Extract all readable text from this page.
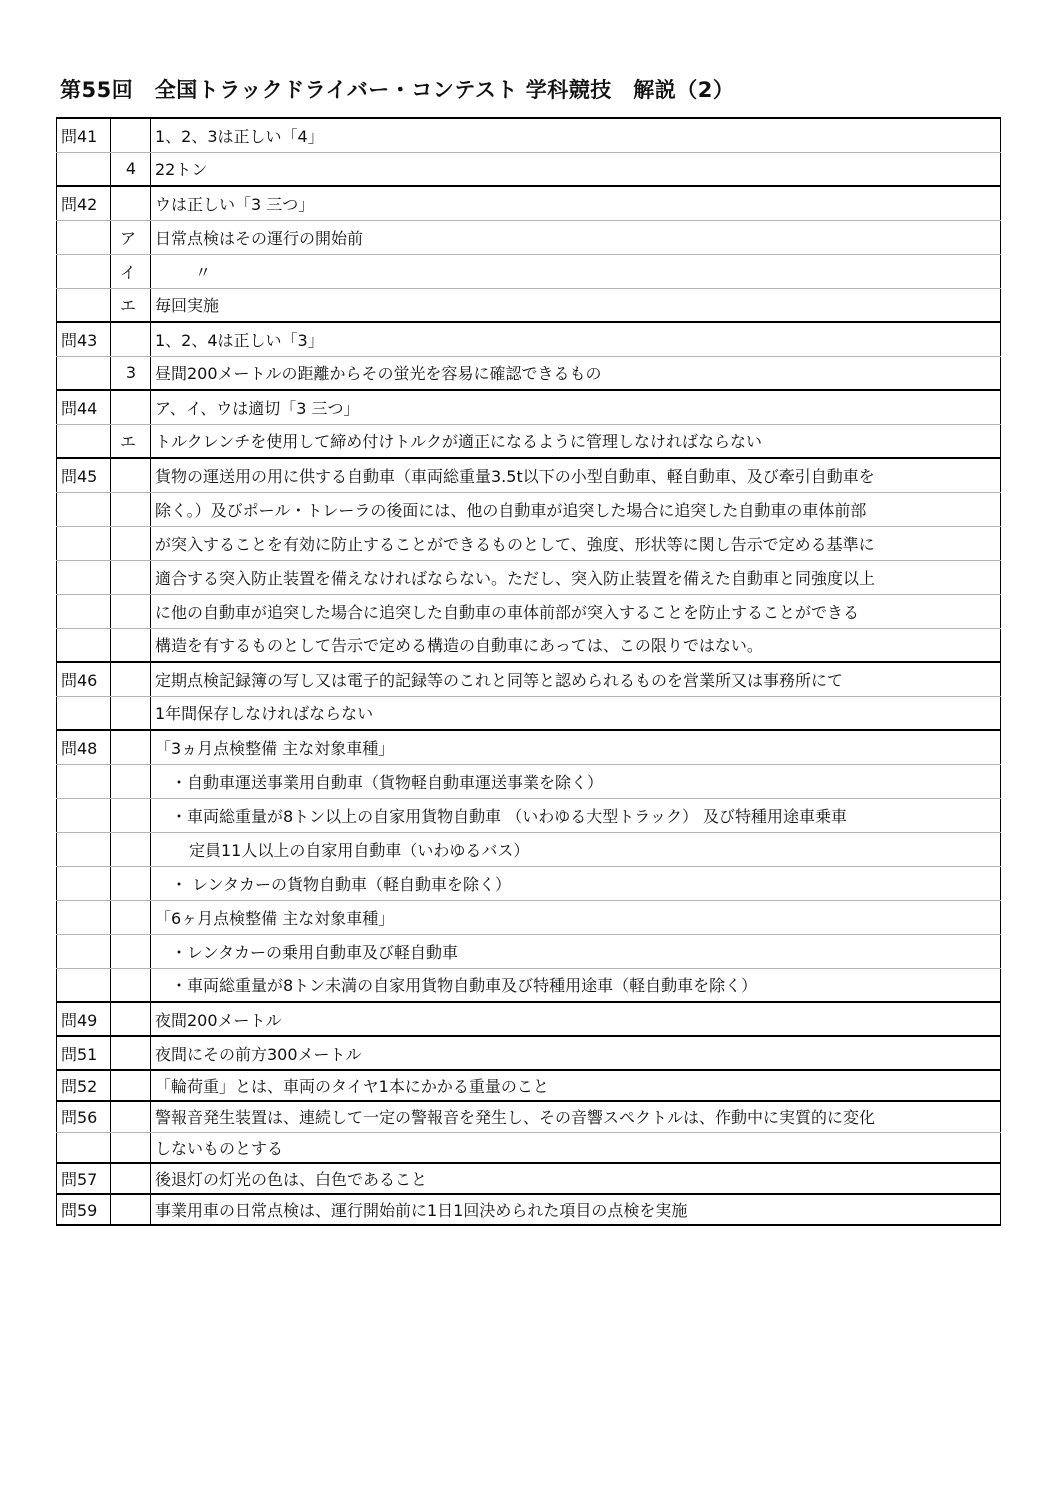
第55回　全国トラックドライバー・コンテスト 学科競技　解説（2）
問41		1、2、3は正しい「4」
	4	22トン
問42		ウは正しい「3 三つ」
	ア	日常点検はその運行の開始前
	イ	〃
	エ	毎回実施
問43		1、2、4は正しい「3」
	3	昼間200メートルの距離からその蛍光を容易に確認できるもの
問44		ア、イ、ウは適切「3 三つ」
	エ	トルクレンチを使用して締め付けトルクが適正になるように管理しなければならない
問45		貨物の運送用の用に供する自動車（車両総重量3.5t以下の小型自動車、軽自動車、及び牽引自動車を
		除く。）及びポール・トレーラの後面には、他の自動車が追突した場合に追突した自動車の車体前部
		が突入することを有効に防止することができるものとして、強度、形状等に関し告示で定める基準に
		適合する突入防止装置を備えなければならない。ただし、突入防止装置を備えた自動車と同強度以上
		に他の自動車が追突した場合に追突した自動車の車体前部が突入することを防止することができる
		構造を有するものとして告示で定める構造の自動車にあっては、この限りではない。
問46		定期点検記録簿の写し又は電子的記録等のこれと同等と認められるものを営業所又は事務所にて
		1年間保存しなければならない
問48		「3ヵ月点検整備 主な対象車種」
		・自動車運送事業用自動車（貨物軽自動車運送事業を除く）
		・車両総重量が8トン以上の自家用貨物自動車 （いわゆる大型トラック） 及び特種用途車乗車
		定員11人以上の自家用自動車（いわゆるバス）
		・ レンタカーの貨物自動車（軽自動車を除く）
		「6ヶ月点検整備 主な対象車種」
		・レンタカーの乗用自動車及び軽自動車
		・車両総重量が8トン未満の自家用貨物自動車及び特種用途車（軽自動車を除く）
問49		夜間200メートル
問51		夜間にその前方300メートル
問52		「輪荷重」とは、車両のタイヤ1本にかかる重量のこと
問56		警報音発生装置は、連続して一定の警報音を発生し、その音響スペクトルは、作動中に実質的に変化
		しないものとする
問57		後退灯の灯光の色は、白色であること
問59		事業用車の日常点検は、運行開始前に1日1回決められた項目の点検を実施
